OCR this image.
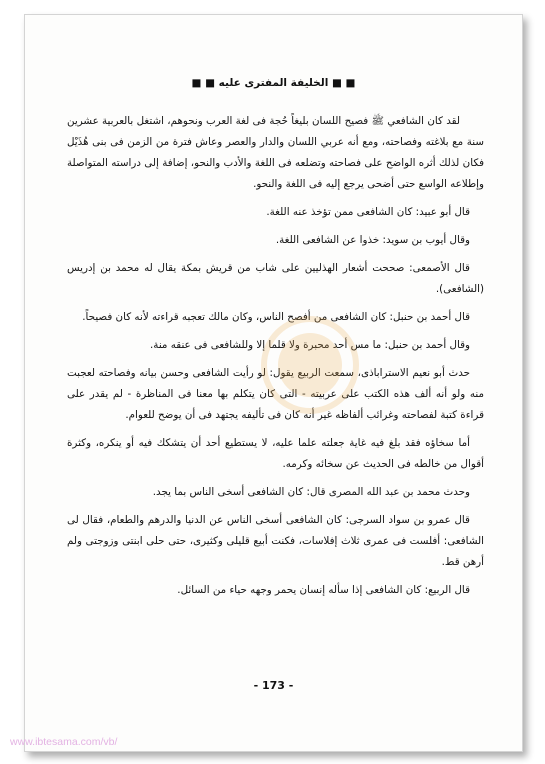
■ ■ الخليفة المفترى عليه ■ ■

لقد كان الشافعي ﷺ فصيح اللسان بليغاً حُجة فى لغة العرب ونحوهم، اشتغل بالعربية عشرين سنة مع بلاغته وفصاحته، ومع أنه عربي اللسان والدار والعصر وعاش فترة من الزمن فى بنى هُذَيْل فكان لذلك أثره الواضح على فصاحته وتضلعه فى اللغة والأدب والنحو، إضافة إلى دراسته المتواصلة وإطلاعه الواسع حتى أضحى يرجع إليه فى اللغة والنحو.

قال أبو عبيد: كان الشافعى ممن تؤخذ عنه اللغة.

وقال أيوب بن سويد: خذوا عن الشافعى اللغة.

قال الأصمعى: صححت أشعار الهذليين على شاب من قريش بمكة يقال له محمد بن إدريس (الشافعى).

قال أحمد بن حنبل: كان الشافعى من أفصح الناس، وكان مالك تعجبه قراءته لأنه كان فصيحاً.

وقال أحمد بن حنبل: ما مس أحد محبرة ولا قلما إلا وللشافعى فى عنقه منة.

حدث أبو نعيم الاستراباذى، سمعت الربيع يقول: لو رأيت الشافعى وحسن بيانه وفصاحته لعجبت منه ولو أنه ألف هذه الكتب على عربيته - التى كان يتكلم بها معنا فى المناظرة - لم يقدر على قراءة كتبة لفصاحته وغرائب ألفاظه غير أنه كان فى تأليفه يجتهد فى أن يوضح للعوام.

أما سخاؤه فقد بلغ فيه غاية جعلته علما عليه، لا يستطيع أحد أن يتشكك فيه أو ينكره، وكثرة أقوال من خالطه فى الحديث عن سخائه وكرمه.

وحدث محمد بن عبد الله المصرى قال: كان الشافعى أسخى الناس بما يجد.

قال عمرو بن سواد السرجى: كان الشافعى أسخى الناس عن الدنيا والدرهم والطعام، فقال لى الشافعى: أفلست فى عمرى ثلاث إفلاسات، فكنت أبيع قليلى وكثيرى، حتى حلى ابنتى وزوجتى ولم أرهن قط.

قال الربيع: كان الشافعى إذا سأله إنسان يحمر وجهه حياء من السائل.

- 173 -
www.ibtesama.com/vb/
